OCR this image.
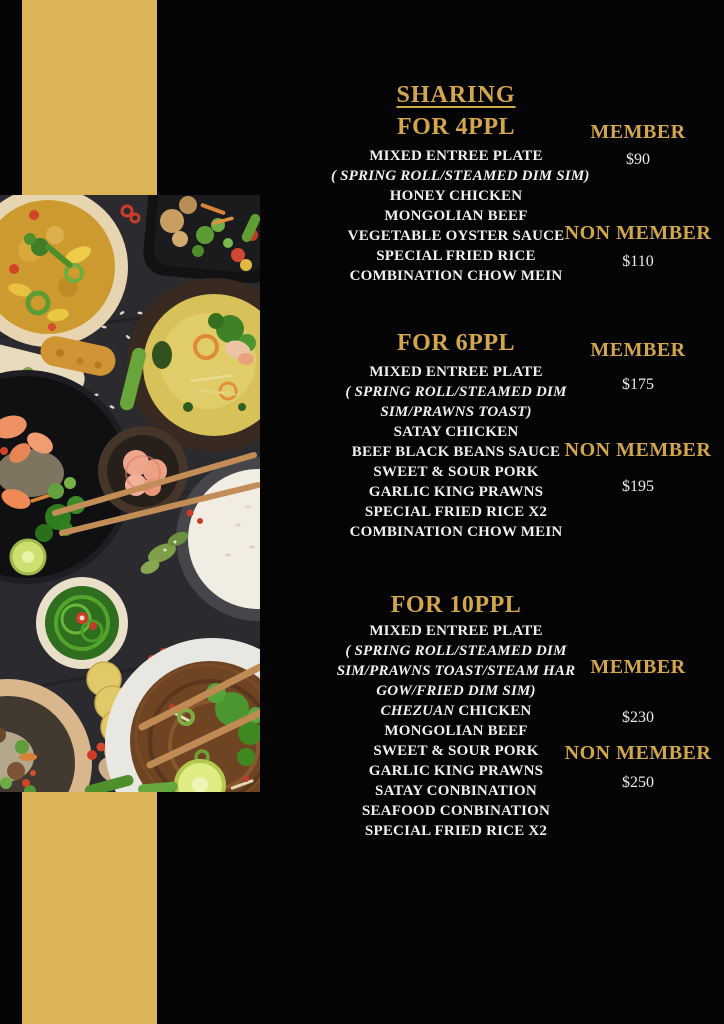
SHARING
FOR 4PPL
MIXED ENTREE PLATE
( SPRING ROLL/STEAMED DIM SIM)
HONEY CHICKEN
MONGOLIAN BEEF
VEGETABLE OYSTER SAUCE
SPECIAL FRIED RICE
COMBINATION CHOW MEIN
MEMBER
$90
NON MEMBER
$110
FOR 6PPL
MIXED ENTREE PLATE
( SPRING ROLL/STEAMED DIM
SIM/PRAWNS TOAST)
SATAY CHICKEN
BEEF BLACK BEANS SAUCE
SWEET & SOUR PORK
GARLIC KING PRAWNS
SPECIAL FRIED RICE X2
COMBINATION CHOW MEIN
MEMBER
$175
NON MEMBER
$195
FOR 10PPL
MIXED ENTREE PLATE
( SPRING ROLL/STEAMED DIM
SIM/PRAWNS TOAST/STEAM HAR
GOW/FRIED DIM SIM)
CHEZUAN CHICKEN
MONGOLIAN BEEF
SWEET & SOUR PORK
GARLIC KING PRAWNS
SATAY CONBINATION
SEAFOOD CONBINATION
SPECIAL FRIED RICE X2
MEMBER
$230
NON MEMBER
$250
